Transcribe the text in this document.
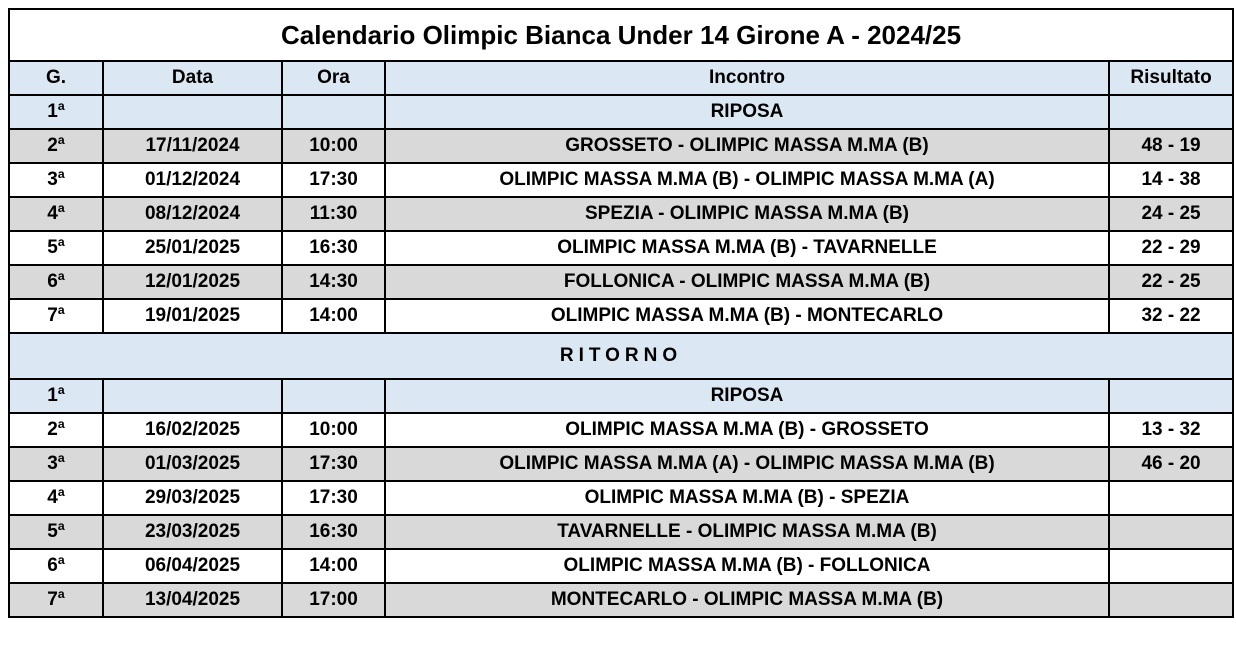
Calendario Olimpic Bianca Under 14 Girone A - 2024/25				
G.	Data	Ora	Incontro	Risultato
1ª			RIPOSA	
2ª	17/11/2024	10:00	GROSSETO - OLIMPIC MASSA M.MA (B)	48 - 19
3ª	01/12/2024	17:30	OLIMPIC MASSA M.MA (B) - OLIMPIC MASSA M.MA (A)	14 - 38
4ª	08/12/2024	11:30	SPEZIA - OLIMPIC MASSA M.MA (B)	24 - 25
5ª	25/01/2025	16:30	OLIMPIC MASSA M.MA (B) - TAVARNELLE	22 - 29
6ª	12/01/2025	14:30	FOLLONICA - OLIMPIC MASSA M.MA (B)	22 - 25
7ª	19/01/2025	14:00	OLIMPIC MASSA M.MA (B) - MONTECARLO	32 - 22
RITORNO				
1ª			RIPOSA	
2ª	16/02/2025	10:00	OLIMPIC MASSA M.MA (B) - GROSSETO	13 - 32
3ª	01/03/2025	17:30	OLIMPIC MASSA M.MA (A) - OLIMPIC MASSA M.MA (B)	46 - 20
4ª	29/03/2025	17:30	OLIMPIC MASSA M.MA (B) - SPEZIA	
5ª	23/03/2025	16:30	TAVARNELLE - OLIMPIC MASSA M.MA (B)	
6ª	06/04/2025	14:00	OLIMPIC MASSA M.MA (B) - FOLLONICA	
7ª	13/04/2025	17:00	MONTECARLO - OLIMPIC MASSA M.MA (B)	
